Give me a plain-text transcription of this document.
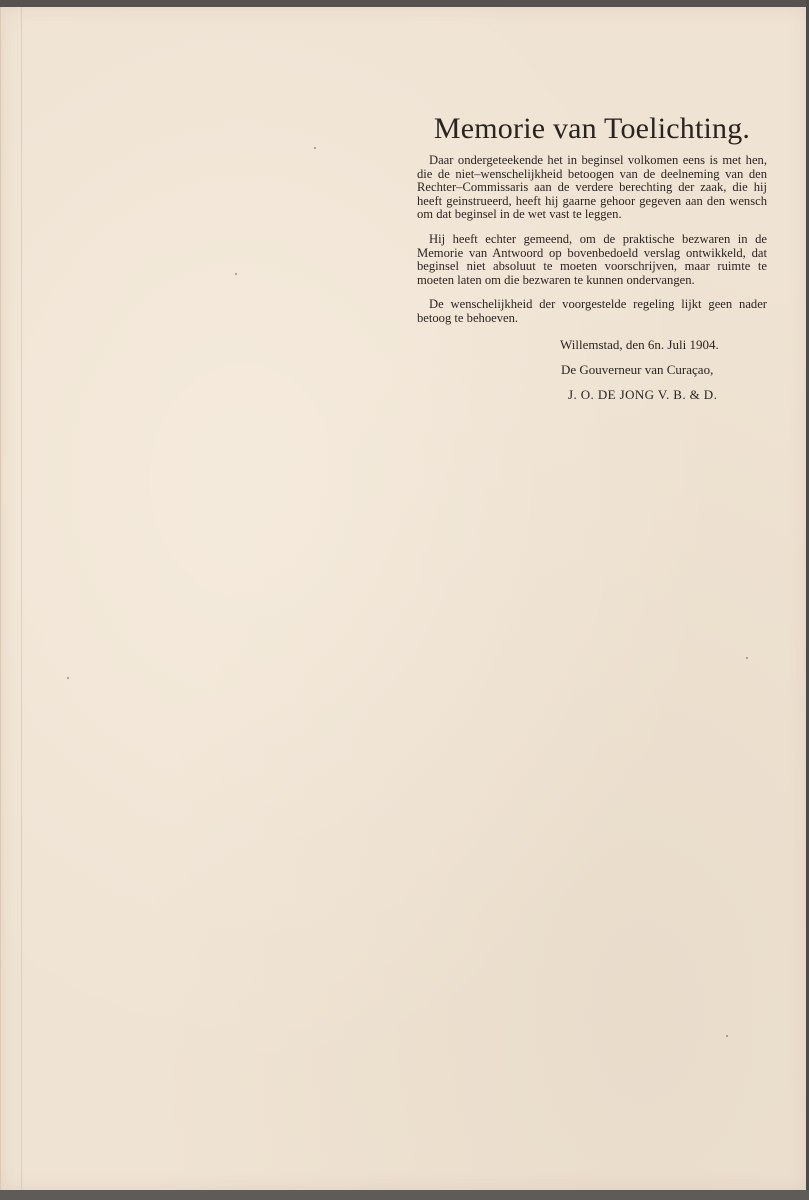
Memorie van Toelichting.

Daar ondergeteekende het in beginsel volkomen eens is met hen, die de niet–wenschelijkheid betoogen van de deelneming van den Rechter–Commissaris aan de verdere berechting der zaak, die hij heeft geinstrueerd, heeft hij gaarne gehoor gegeven aan den wensch om dat beginsel in de wet vast te leggen.

Hij heeft echter gemeend, om de praktische bezwaren in de Memorie van Antwoord op bovenbedoeld verslag ontwikkeld, dat beginsel niet absoluut te moeten voorschrijven, maar ruimte te moeten laten om die bezwaren te kunnen ondervangen.

De wenschelijkheid der voorgestelde regeling lijkt geen nader betoog te behoeven.

Willemstad, den 6n. Juli 1904.

De Gouverneur van Curaçao,

J. O. DE JONG V. B. & D.
